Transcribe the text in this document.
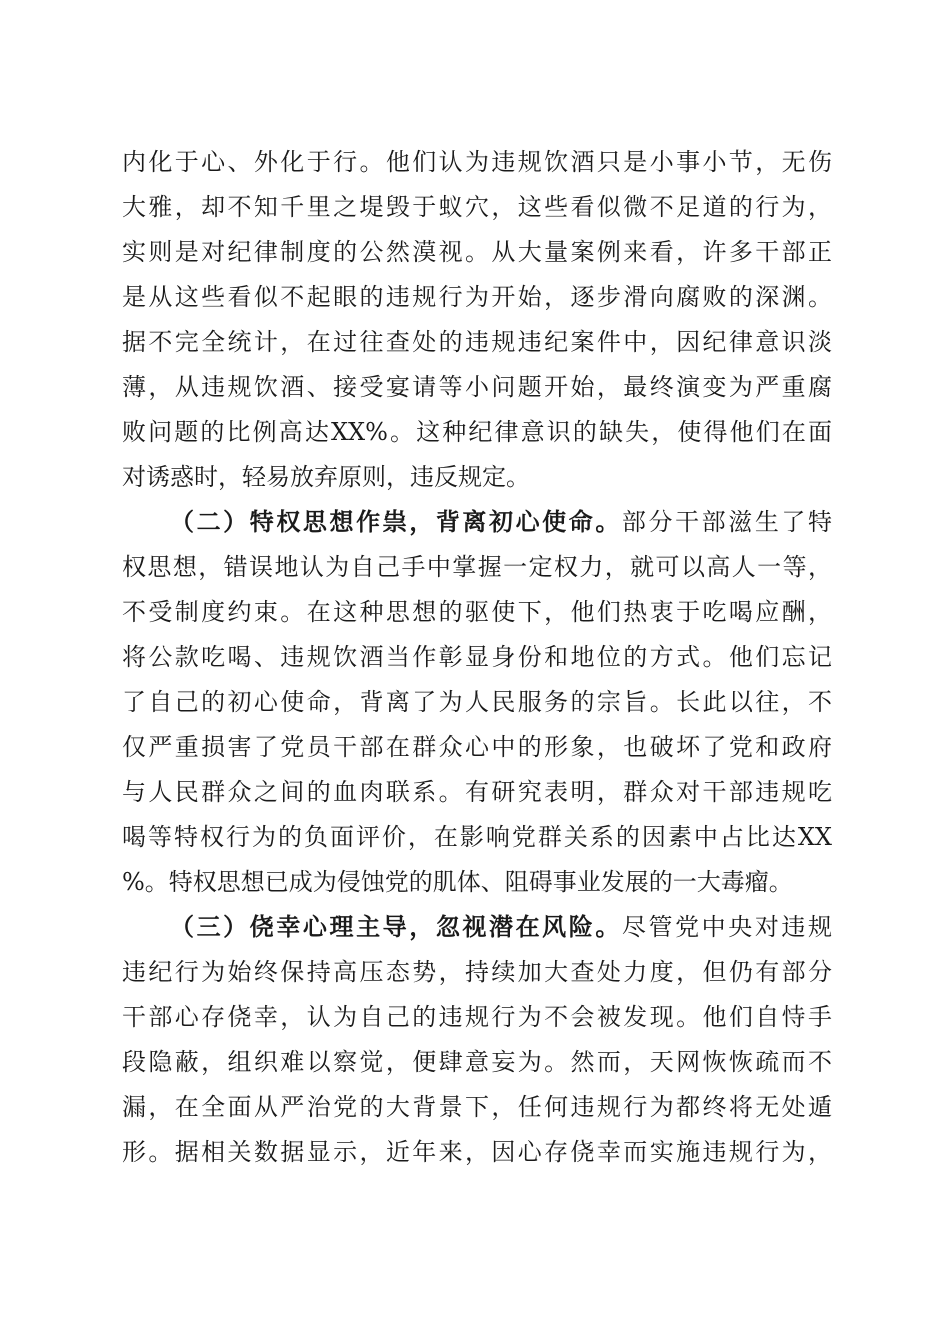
内化于心、外化于行。他们认为违规饮酒只是小事小节，无伤
大雅，却不知千里之堤毁于蚁穴，这些看似微不足道的行为，
实则是对纪律制度的公然漠视。从大量案例来看，许多干部正
是从这些看似不起眼的违规行为开始，逐步滑向腐败的深渊。
据不完全统计，在过往查处的违规违纪案件中，因纪律意识淡
薄，从违规饮酒、接受宴请等小问题开始，最终演变为严重腐
败问题的比例高达XX%。这种纪律意识的缺失，使得他们在面
对诱惑时，轻易放弃原则，违反规定。
（二）特权思想作祟，背离初心使命。部分干部滋生了特
权思想，错误地认为自己手中掌握一定权力，就可以高人一等，
不受制度约束。在这种思想的驱使下，他们热衷于吃喝应酬，
将公款吃喝、违规饮酒当作彰显身份和地位的方式。他们忘记
了自己的初心使命，背离了为人民服务的宗旨。长此以往，不
仅严重损害了党员干部在群众心中的形象，也破坏了党和政府
与人民群众之间的血肉联系。有研究表明，群众对干部违规吃
喝等特权行为的负面评价，在影响党群关系的因素中占比达XX
%。特权思想已成为侵蚀党的肌体、阻碍事业发展的一大毒瘤。
（三）侥幸心理主导，忽视潜在风险。尽管党中央对违规
违纪行为始终保持高压态势，持续加大查处力度，但仍有部分
干部心存侥幸，认为自己的违规行为不会被发现。他们自恃手
段隐蔽，组织难以察觉，便肆意妄为。然而，天网恢恢疏而不
漏，在全面从严治党的大背景下，任何违规行为都终将无处遁
形。据相关数据显示，近年来，因心存侥幸而实施违规行为，
